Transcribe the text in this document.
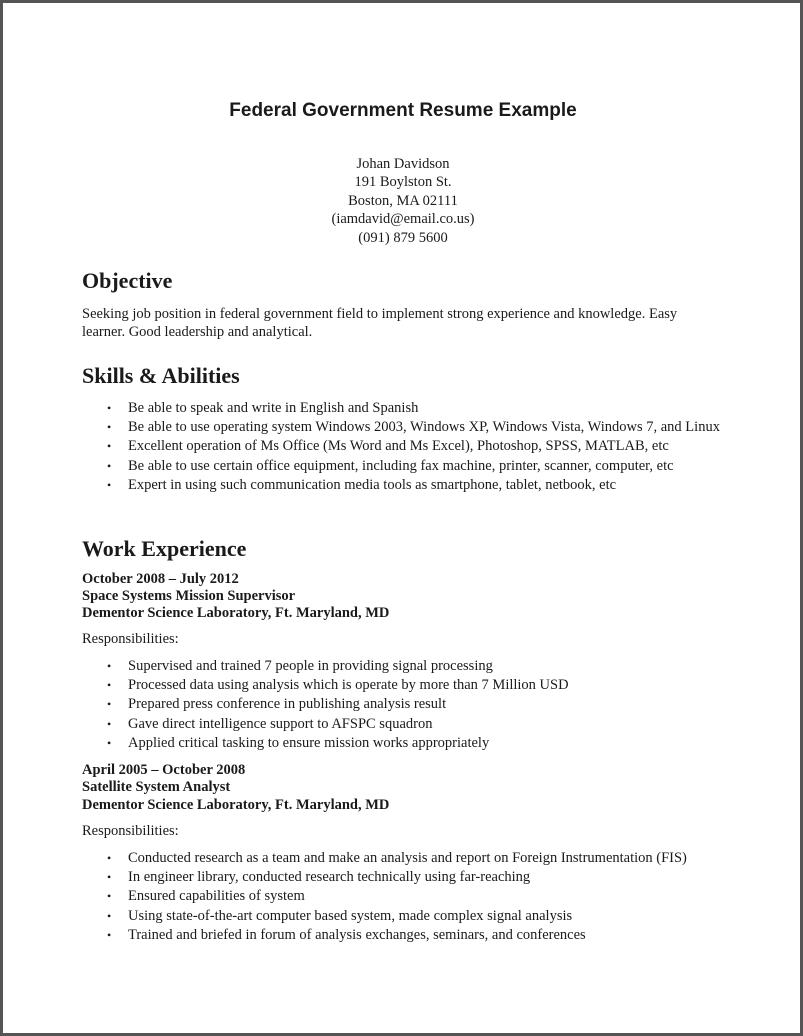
Federal Government Resume Example
Johan Davidson
191 Boylston St.
Boston, MA 02111
(iamdavid@email.co.us)
(091) 879 5600
Objective

Seeking job position in federal government field to implement strong experience and knowledge. Easy learner. Good leadership and analytical.

Skills & Abilities
• Be able to speak and write in English and Spanish
• Be able to use operating system Windows 2003, Windows XP, Windows Vista, Windows 7, and Linux
• Excellent operation of Ms Office (Ms Word and Ms Excel), Photoshop, SPSS, MATLAB, etc
• Be able to use certain office equipment, including fax machine, printer, scanner, computer, etc
• Expert in using such communication media tools as smartphone, tablet, netbook, etc
Work Experience

October 2008 – July 2012

Space Systems Mission Supervisor

Dementor Science Laboratory, Ft. Maryland, MD

Responsibilities:

• Supervised and trained 7 people in providing signal processing
• Processed data using analysis which is operate by more than 7 Million USD
• Prepared press conference in publishing analysis result
• Gave direct intelligence support to AFSPC squadron
• Applied critical tasking to ensure mission works appropriately

April 2005 – October 2008

Satellite System Analyst

Dementor Science Laboratory, Ft. Maryland, MD

Responsibilities:

• Conducted research as a team and make an analysis and report on Foreign Instrumentation (FIS)
• In engineer library, conducted research technically using far-reaching
• Ensured capabilities of system
• Using state-of-the-art computer based system, made complex signal analysis
• Trained and briefed in forum of analysis exchanges, seminars, and conferences
